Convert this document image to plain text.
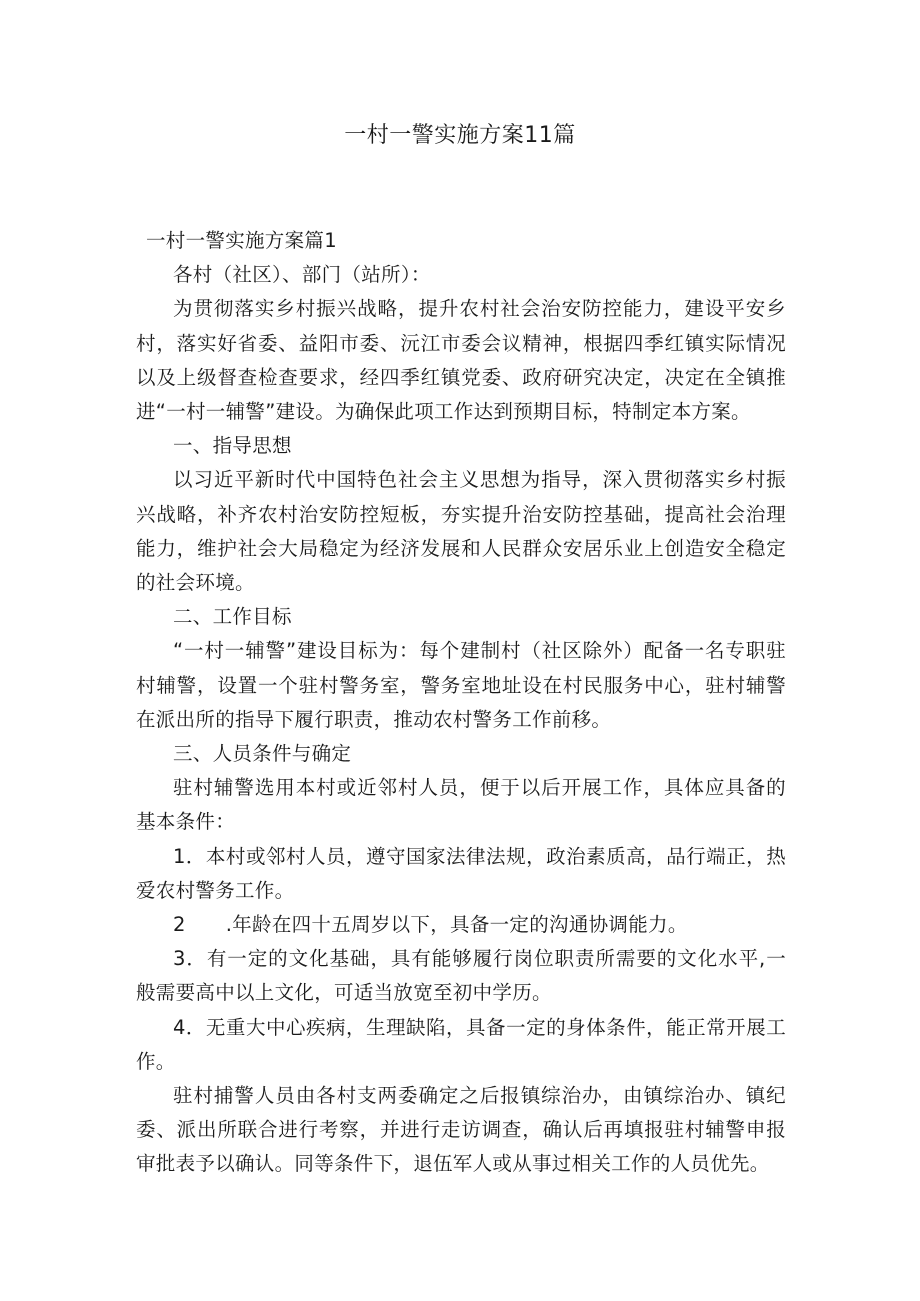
一村一警实施方案11篇

一村一警实施方案篇1

各村（社区）、部门（站所）：

为贯彻落实乡村振兴战略，提升农村社会治安防控能力，建设平安乡村，落实好省委、益阳市委、沅江市委会议精神，根据四季红镇实际情况以及上级督查检查要求，经四季红镇党委、政府研究决定，决定在全镇推进“一村一辅警”建设。为确保此项工作达到预期目标，特制定本方案。

一、指导思想

以习近平新时代中国特色社会主义思想为指导，深入贯彻落实乡村振兴战略，补齐农村治安防控短板，夯实提升治安防控基础，提高社会治理能力，维护社会大局稳定为经济发展和人民群众安居乐业上创造安全稳定的社会环境。

二、工作目标

“一村一辅警”建设目标为：每个建制村（社区除外）配备一名专职驻村辅警，设置一个驻村警务室，警务室地址设在村民服务中心，驻村辅警在派出所的指导下履行职责，推动农村警务工作前移。

三、人员条件与确定

驻村辅警选用本村或近邻村人员，便于以后开展工作，具体应具备的基本条件：

1．本村或邻村人员，遵守国家法律法规，政治素质高，品行端正，热爱农村警务工作。

2 .年龄在四十五周岁以下，具备一定的沟通协调能力。

3．有一定的文化基础，具有能够履行岗位职责所需要的文化水平,一般需要高中以上文化，可适当放宽至初中学历。

4．无重大中心疾病，生理缺陷，具备一定的身体条件，能正常开展工作。

驻村捕警人员由各村支两委确定之后报镇综治办，由镇综治办、镇纪委、派出所联合进行考察，并进行走访调查，确认后再填报驻村辅警申报审批表予以确认。同等条件下，退伍军人或从事过相关工作的人员优先。
